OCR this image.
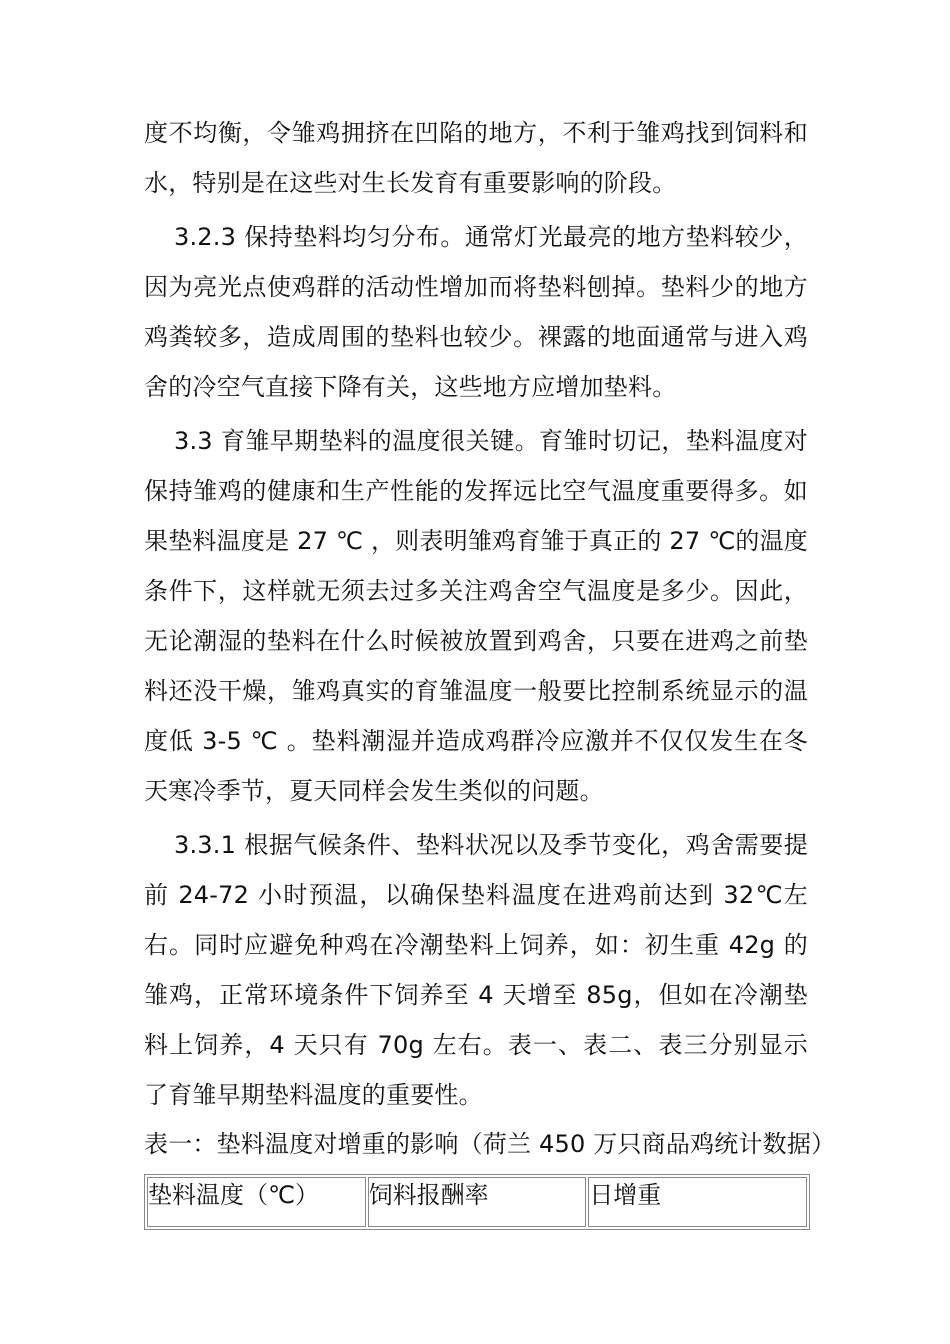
度不均衡，令雏鸡拥挤在凹陷的地方，不利于雏鸡找到饲料和水，特别是在这些对生长发育有重要影响的阶段。

3.2.3 保持垫料均匀分布。通常灯光最亮的地方垫料较少，因为亮光点使鸡群的活动性增加而将垫料刨掉。垫料少的地方鸡粪较多，造成周围的垫料也较少。裸露的地面通常与进入鸡舍的冷空气直接下降有关，这些地方应增加垫料。

3.3 育雏早期垫料的温度很关键。育雏时切记，垫料温度对保持雏鸡的健康和生产性能的发挥远比空气温度重要得多。如果垫料温度是 27 ℃ ，则表明雏鸡育雏于真正的 27 ℃的温度条件下，这样就无须去过多关注鸡舍空气温度是多少。因此，无论潮湿的垫料在什么时候被放置到鸡舍，只要在进鸡之前垫料还没干燥，雏鸡真实的育雏温度一般要比控制系统显示的温度低 3-5 ℃ 。垫料潮湿并造成鸡群冷应激并不仅仅发生在冬天寒冷季节，夏天同样会发生类似的问题。

3.3.1 根据气候条件、垫料状况以及季节变化，鸡舍需要提前 24-72 小时预温，以确保垫料温度在进鸡前达到 32℃左右。同时应避免种鸡在冷潮垫料上饲养，如：初生重 42g 的雏鸡，正常环境条件下饲养至 4 天增至 85g，但如在冷潮垫料上饲养，4 天只有 70g 左右。表一、表二、表三分别显示了育雏早期垫料温度的重要性。

表一：垫料温度对增重的影响（荷兰 450 万只商品鸡统计数据）

垫料温度（℃）	饲料报酬率	日增重
